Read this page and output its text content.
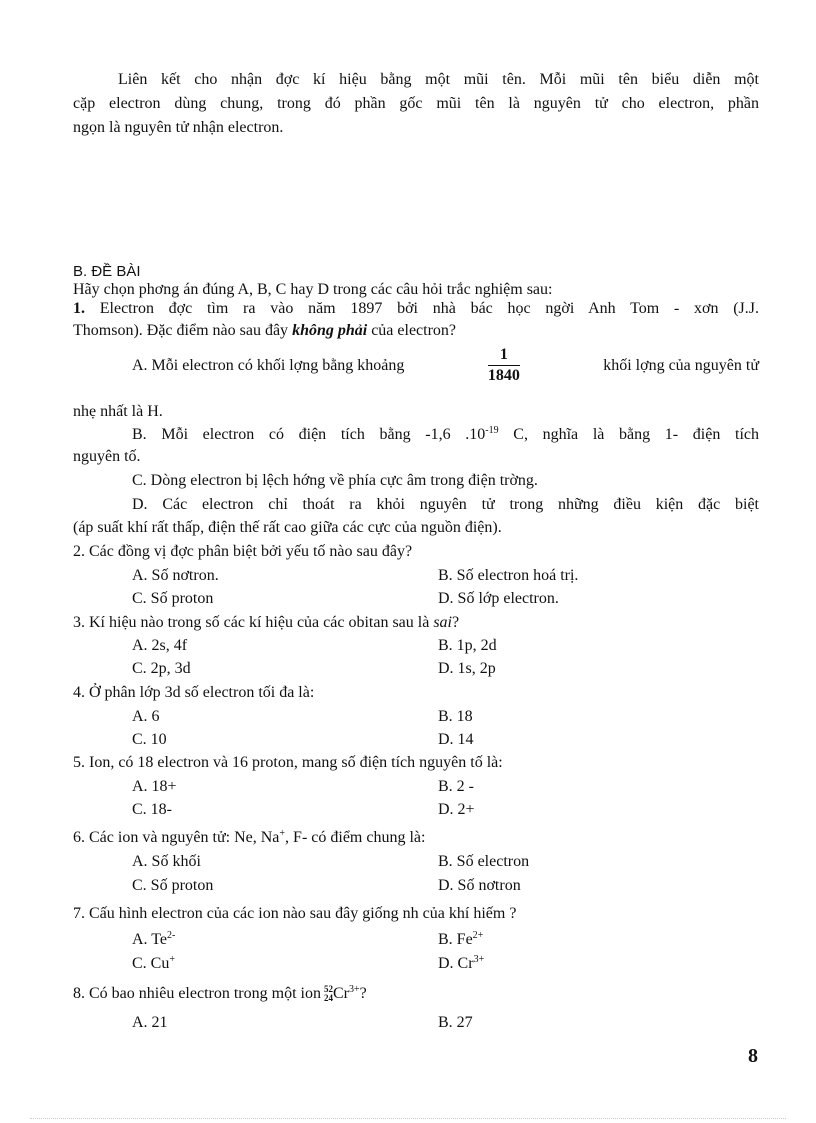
Liên kết cho nhận đợc kí hiệu bằng một mũi tên. Mỗi mũi tên biểu diễn một
cặp electron dùng chung, trong đó phần gốc mũi tên là nguyên tử cho electron, phần
ngọn là nguyên tử nhận electron.
B. ĐỀ BÀI
Hãy chọn phơng án đúng A, B, C hay D trong các câu hỏi trắc nghiệm sau:
1. Electron đợc tìm ra vào năm 1897 bởi nhà bác học ngời Anh Tom - xơn (J.J.
Thomson). Đặc điểm nào sau đây không phải của electron?
A. Mỗi electron có khối lợng bằng khoảng	$\frac{1}{1840}$	khối lợng của nguyên tử
nhẹ nhất là H.
B. Mỗi electron có điện tích bằng -1,6 $.10^{-19}$ C, nghĩa là bằng 1- điện tích
nguyên tố.
C. Dòng electron bị lệch hớng về phía cực âm trong điện trờng.
D. Các electron chỉ thoát ra khỏi nguyên tử trong những điều kiện đặc biệt
(áp suất khí rất thấp, điện thế rất cao giữa các cực của nguồn điện).
2. Các đồng vị đợc phân biệt bởi yếu tố nào sau đây?
A. Số nơtron.	B. Số electron hoá trị.
C. Số proton	D. Số lớp electron.
3. Kí hiệu nào trong số các kí hiệu của các obitan sau là sai?
A. 2s, 4f	B. 1p, 2d
C. 2p, 3d	D. 1s, 2p
4. Ở phân lớp 3d số electron tối đa là:
A. 6	B. 18
C. 10	D. 14
5. Ion, có 18 electron và 16 proton, mang số điện tích nguyên tố là:
A. 18+	B. 2 -
C. 18-	D. 2+
6. Các ion và nguyên tử: Ne, Na+, F- có điểm chung là:
A. Số khối	B. Số electron
C. Số proton	D. Số nơtron
7. Cấu hình electron của các ion nào sau đây giống nh của khí hiếm ?
A. $Te^{2-}$	B. $Fe^{2+}$
C. Cu+	D. $Cr^{3+}$
8. Có bao nhiêu electron trong một ion 52
24 $Cr^{3+}$?
A. 21	B. 27
8
